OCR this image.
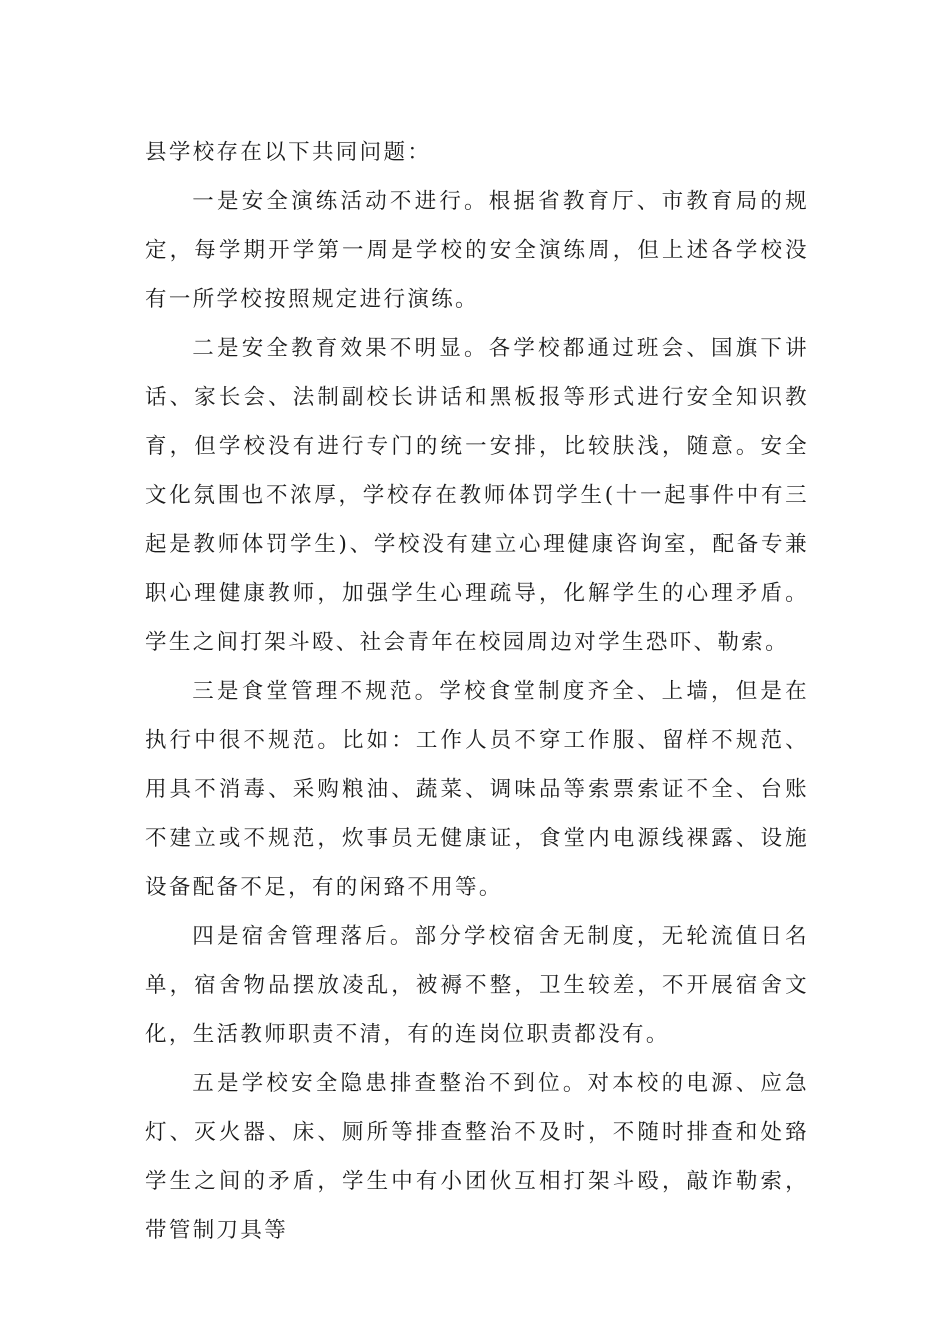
县学校存在以下共同问题：

一是安全演练活动不进行。根据省教育厅、市教育局的规定，每学期开学第一周是学校的安全演练周，但上述各学校没有一所学校按照规定进行演练。

二是安全教育效果不明显。各学校都通过班会、国旗下讲话、家长会、法制副校长讲话和黑板报等形式进行安全知识教育，但学校没有进行专门的统一安排，比较肤浅，随意。安全文化氛围也不浓厚，学校存在教师体罚学生(十一起事件中有三起是教师体罚学生)、学校没有建立心理健康咨询室，配备专兼职心理健康教师，加强学生心理疏导，化解学生的心理矛盾。学生之间打架斗殴、社会青年在校园周边对学生恐吓、勒索。

三是食堂管理不规范。学校食堂制度齐全、上墙，但是在执行中很不规范。比如：工作人员不穿工作服、留样不规范、用具不消毒、采购粮油、蔬菜、调味品等索票索证不全、台账不建立或不规范，炊事员无健康证，食堂内电源线裸露、设施设备配备不足，有的闲臵不用等。

四是宿舍管理落后。部分学校宿舍无制度，无轮流值日名单，宿舍物品摆放凌乱，被褥不整，卫生较差，不开展宿舍文化，生活教师职责不清，有的连岗位职责都没有。

五是学校安全隐患排查整治不到位。对本校的电源、应急灯、灭火器、床、厕所等排查整治不及时，不随时排查和处臵学生之间的矛盾，学生中有小团伙互相打架斗殴，敲诈勒索，带管制刀具等
